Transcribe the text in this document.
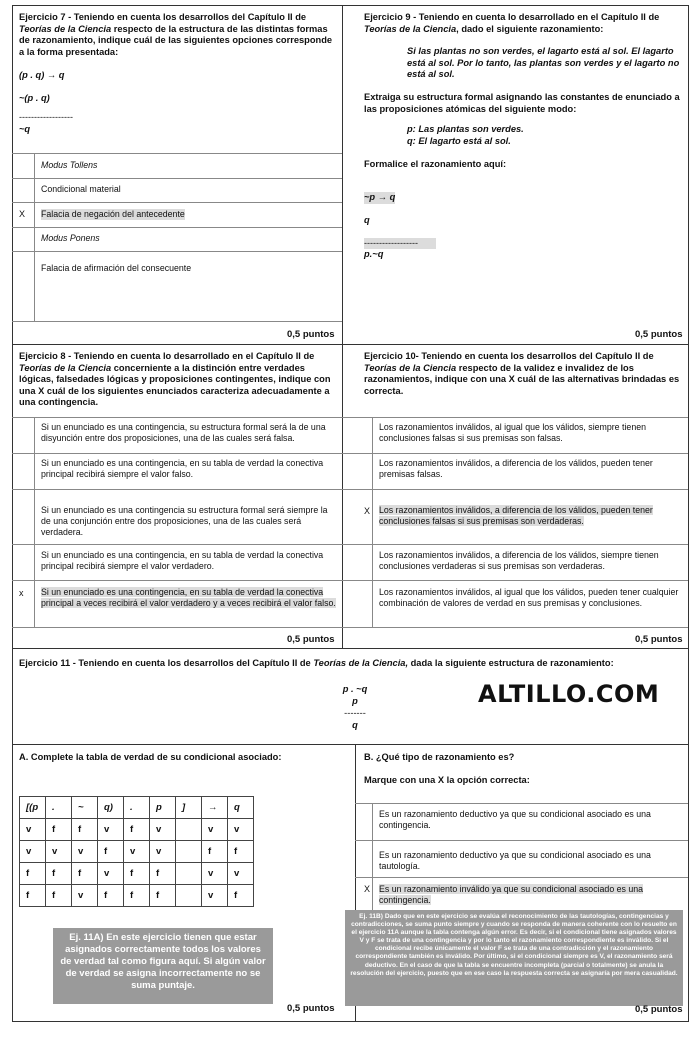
Ejercicio 7 - Teniendo en cuenta los desarrollos del Capítulo II de Teorías de la Ciencia respecto de la estructura de las distintas formas de razonamiento, indique cuál de las siguientes opciones corresponde a la forma presentada:
(p . q) → q
~(p . q)
------------------
~q
Modus Tollens
Condicional material
X Falacia de negación del antecedente
Modus Ponens
Falacia de afirmación del consecuente
0,5 puntos
Ejercicio 9 - Teniendo en cuenta lo desarrollado en el Capítulo II de Teorías de la Ciencia, dado el siguiente razonamiento:
Si las plantas no son verdes, el lagarto está al sol. El lagarto está al sol. Por lo tanto, las plantas son verdes y el lagarto no está al sol.
Extraiga su estructura formal asignando las constantes de enunciado a las proposiciones atómicas del siguiente modo:
p: Las plantas son verdes.
q: El lagarto está al sol.
Formalice el razonamiento aquí:
~p → q
q
------------------
p.~q
0,5 puntos
Ejercicio 8 - Teniendo en cuenta lo desarrollado en el Capítulo II de Teorías de la Ciencia concerniente a la distinción entre verdades lógicas, falsedades lógicas y proposiciones contingentes, indique con una X cuál de los siguientes enunciados caracteriza adecuadamente a una contingencia.
Si un enunciado es una contingencia, su estructura formal será la de una disyunción entre dos proposiciones, una de las cuales será falsa.
Si un enunciado es una contingencia, en su tabla de verdad la conectiva principal recibirá siempre el valor falso.
Si un enunciado es una contingencia su estructura formal será siempre la de una conjunción entre dos proposiciones, una de las cuales será verdadera.
Si un enunciado es una contingencia, en su tabla de verdad la conectiva principal recibirá siempre el valor verdadero.
x Si un enunciado es una contingencia, en su tabla de verdad la conectiva principal a veces recibirá el valor verdadero y a veces recibirá el valor falso.
0,5 puntos
Ejercicio 10- Teniendo en cuenta los desarrollos del Capítulo II de Teorías de la Ciencia respecto de la validez e invalidez de los razonamientos, indique con una X cuál de las alternativas brindadas es correcta.
Los razonamientos inválidos, al igual que los válidos, siempre tienen conclusiones falsas si sus premisas son falsas.
Los razonamientos inválidos, a diferencia de los válidos, pueden tener premisas falsas.
X Los razonamientos inválidos, a diferencia de los válidos, pueden tener conclusiones falsas si sus premisas son verdaderas.
Los razonamientos inválidos, a diferencia de los válidos, siempre tienen conclusiones verdaderas si sus premisas son verdaderas.
Los razonamientos inválidos, al igual que los válidos, pueden tener cualquier combinación de valores de verdad en sus premisas y conclusiones.
0,5 puntos
Ejercicio 11 - Teniendo en cuenta los desarrollos del Capítulo II de Teorías de la Ciencia, dada la siguiente estructura de razonamiento:
p . ~q
p
-------
q
ALTILLO.COM
A. Complete la tabla de verdad de su condicional asociado:
[(p	.	~	q)	.	p	]	→	q
v	f	f	v	f	v		v	v
v	v	v	f	v	v		f	f
f	f	f	v	f	f		v	v
f	f	v	f	f	f		v	f
Ej. 11A) En este ejercicio tienen que estar asignados correctamente todos los valores de verdad tal como figura aquí. Si algún valor de verdad se asigna incorrectamente no se suma puntaje.
0,5 puntos
B. ¿Qué tipo de razonamiento es?
Marque con una X la opción correcta:
Es un razonamiento deductivo ya que su condicional asociado es una contingencia.
Es un razonamiento deductivo ya que su condicional asociado es una tautología.
X Es un razonamiento inválido ya que su condicional asociado es una contingencia.
Ej. 11B) Dado que en este ejercicio se evalúa el reconocimiento de las tautologías, contingencias y contradicciones, se suma punto siempre y cuando se responda de manera coherente con lo resuelto en el ejercicio 11A aunque la tabla contenga algún error. Es decir, si el condicional tiene asignados valores V y F se trata de una contingencia y por lo tanto el razonamiento correspondiente es inválido. Si el condicional recibe únicamente el valor F se trata de una contradicción y el razonamiento correspondiente también es inválido. Por último, si el condicional siempre es V, el razonamiento será deductivo. En el caso de que la tabla se encuentre incompleta (parcial o totalmente) se anula la resolución del ejercicio, puesto que en ese caso la respuesta correcta se asignaría por mera casualidad.
0,5 puntos
